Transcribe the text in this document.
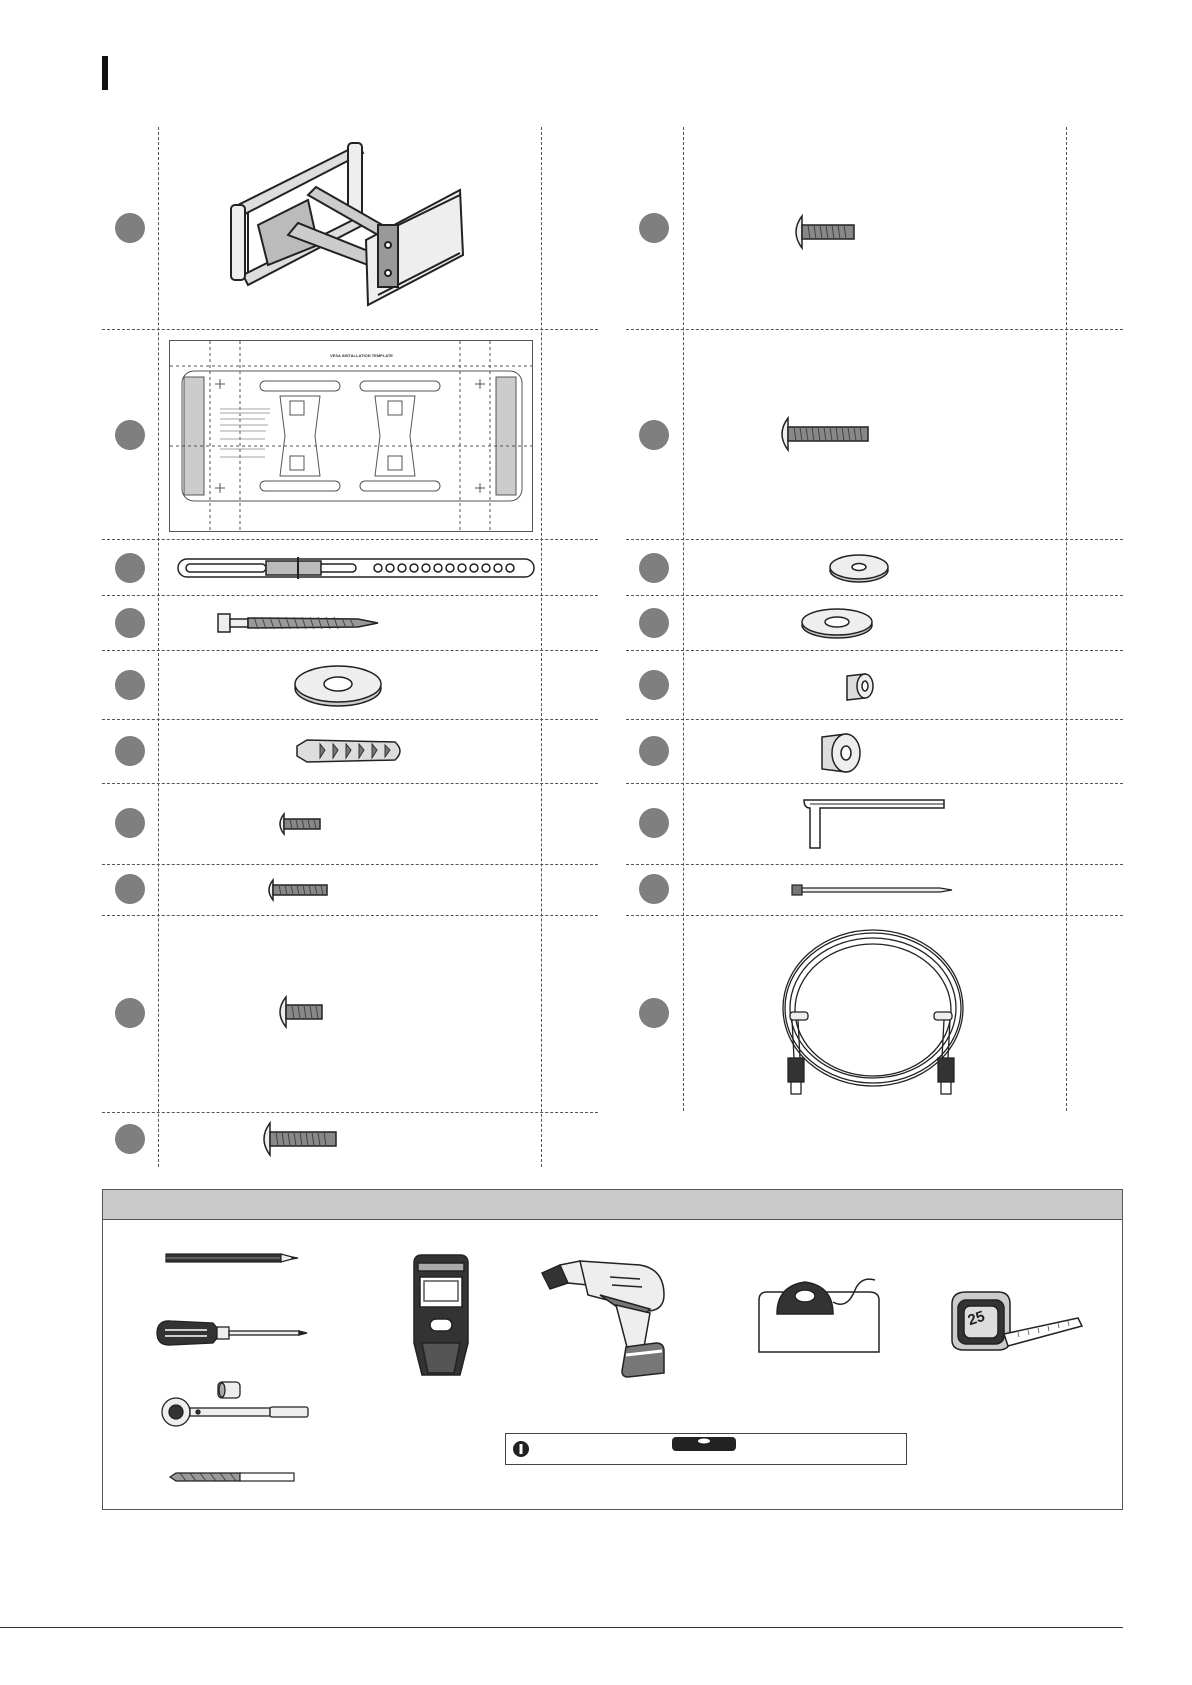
VESA INSTALLATION TEMPLATE
25
